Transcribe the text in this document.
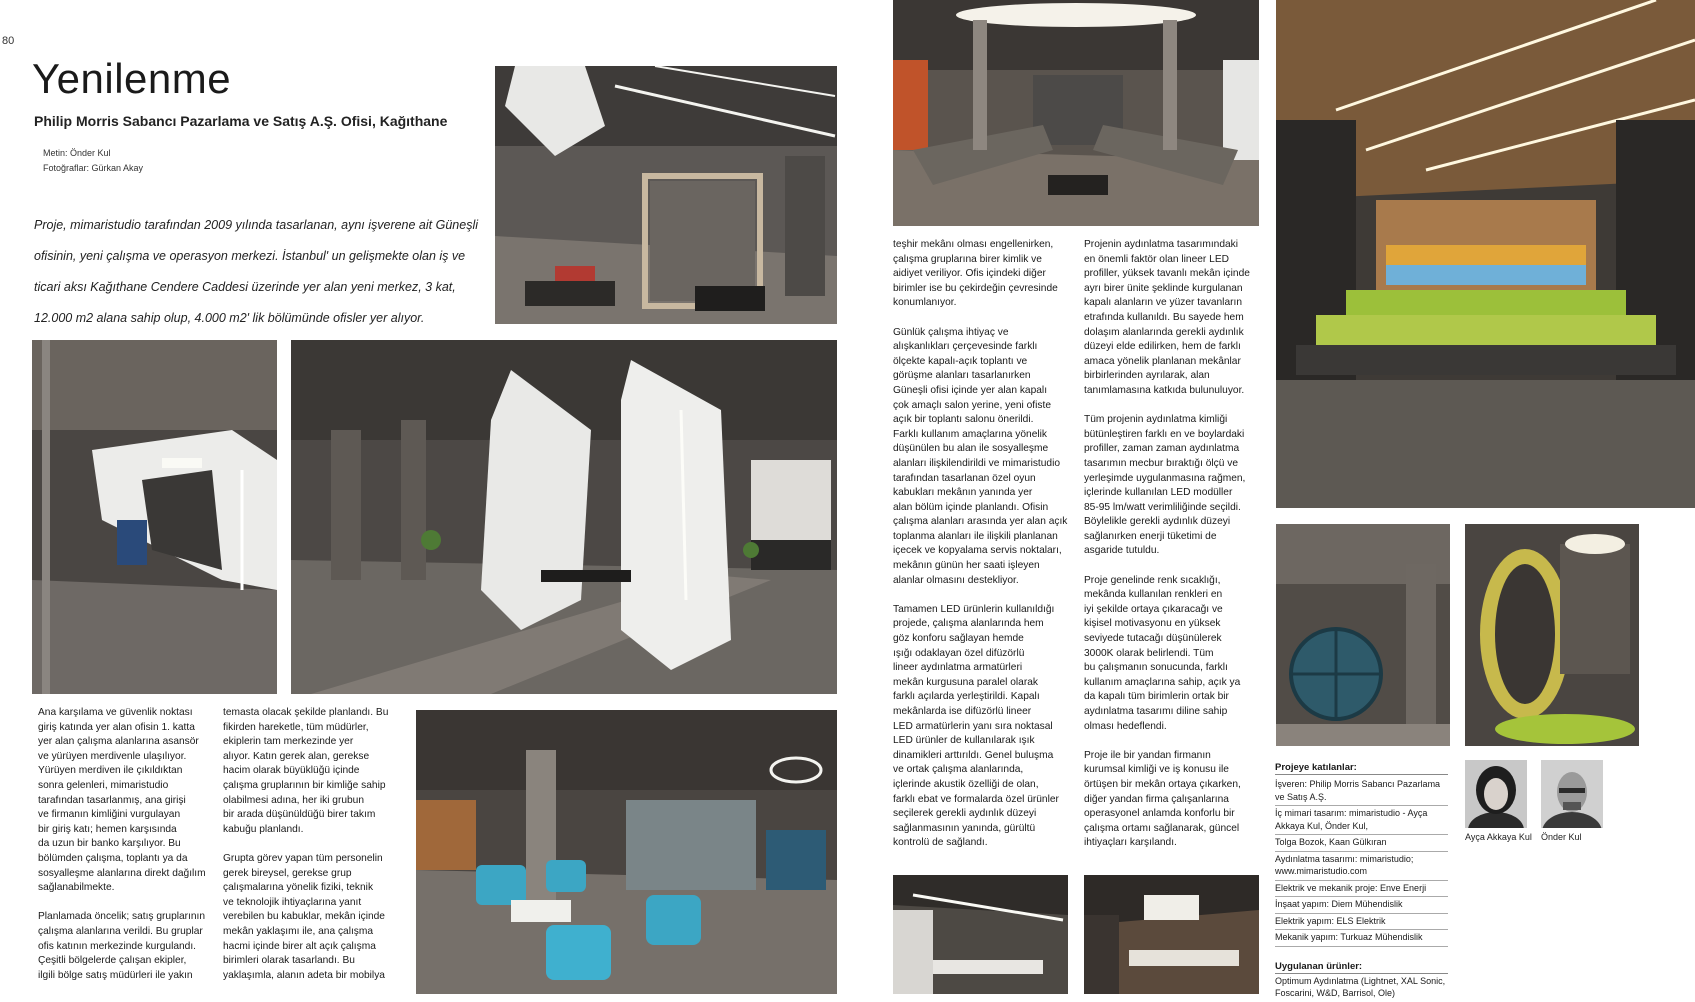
80
Yenilenme
Philip Morris Sabancı Pazarlama ve Satış A.Ş. Ofisi, Kağıthane
Metin: Önder Kul
Fotoğraflar: Gürkan Akay
Proje, mimaristudio tarafından 2009 yılında tasarlanan, aynı işverene ait Güneşli ofisinin, yeni çalışma ve operasyon merkezi. İstanbul' un gelişmekte olan iş ve ticari aksı Kağıthane Cendere Caddesi üzerinde yer alan yeni merkez, 3 kat, 12.000 m2 alana sahip olup, 4.000 m2' lik bölümünde ofisler yer alıyor.
Ana karşılama ve güvenlik noktası
giriş katında yer alan ofisin 1. katta
yer alan çalışma alanlarına asansör
ve yürüyen merdivenle ulaşılıyor.
Yürüyen merdiven ile çıkıldıktan
sonra gelenleri, mimaristudio
tarafından tasarlanmış, ana girişi
ve firmanın kimliğini vurgulayan
bir giriş katı; hemen karşısında
da uzun bir banko karşılıyor. Bu
bölümden çalışma, toplantı ya da
sosyalleşme alanlarına direkt dağılım
sağlanabilmekte.

Planlamada öncelik; satış gruplarının
çalışma alanlarına verildi. Bu gruplar
ofis katının merkezinde kurgulandı.
Çeşitli bölgelerde çalışan ekipler,
ilgili bölge satış müdürleri ile yakın
temasta olacak şekilde planlandı. Bu
fikirden hareketle, tüm müdürler,
ekiplerin tam merkezinde yer
alıyor. Katın gerek alan, gerekse
hacim olarak büyüklüğü içinde
çalışma gruplarının bir kimliğe sahip
olabilmesi adına, her iki grubun
bir arada düşünüldüğü birer takım
kabuğu planlandı.

Grupta görev yapan tüm personelin
gerek bireysel, gerekse grup
çalışmalarına yönelik fiziki, teknik
ve teknolojik ihtiyaçlarına yanıt
verebilen bu kabuklar, mekân içinde
mekân yaklaşımı ile, ana çalışma
hacmi içinde birer alt açık çalışma
birimleri olarak tasarlandı. Bu
yaklaşımla, alanın adeta bir mobilya
teşhir mekânı olması engellenirken,
çalışma gruplarına birer kimlik ve
aidiyet veriliyor. Ofis içindeki diğer
birimler ise bu çekirdeğin çevresinde
konumlanıyor.

Günlük çalışma ihtiyaç ve
alışkanlıkları çerçevesinde farklı
ölçekte kapalı-açık toplantı ve
görüşme alanları tasarlanırken
Güneşli ofisi içinde yer alan kapalı
çok amaçlı salon yerine, yeni ofiste
açık bir toplantı salonu önerildi.
Farklı kullanım amaçlarına yönelik
düşünülen bu alan ile sosyalleşme
alanları ilişkilendirildi ve mimaristudio
tarafından tasarlanan özel oyun
kabukları mekânın yanında yer
alan bölüm içinde planlandı. Ofisin
çalışma alanları arasında yer alan açık
toplanma alanları ile ilişkili planlanan
içecek ve kopyalama servis noktaları,
mekânın günün her saati işleyen
alanlar olmasını destekliyor.

Tamamen LED ürünlerin kullanıldığı
projede, çalışma alanlarında hem
göz konforu sağlayan hemde
ışığı odaklayan özel difüzörlü
lineer aydınlatma armatürleri
mekân kurgusuna paralel olarak
farklı açılarda yerleştirildi. Kapalı
mekânlarda ise difüzörlü lineer
LED armatürlerin yanı sıra noktasal
LED ürünler de kullanılarak ışık
dinamikleri arttırıldı. Genel buluşma
ve ortak çalışma alanlarında,
içlerinde akustik özelliği de olan,
farklı ebat ve formalarda özel ürünler
seçilerek gerekli aydınlık düzeyi
sağlanmasının yanında, gürültü
kontrolü de sağlandı.
Projenin aydınlatma tasarımındaki
en önemli faktör olan lineer LED
profiller, yüksek tavanlı mekân içinde
ayrı birer ünite şeklinde kurgulanan
kapalı alanların ve yüzer tavanların
etrafında kullanıldı. Bu sayede hem
dolaşım alanlarında gerekli aydınlık
düzeyi elde edilirken, hem de farklı
amaca yönelik planlanan mekânlar
birbirlerinden ayrılarak, alan
tanımlamasına katkıda bulunuluyor.

Tüm projenin aydınlatma kimliği
bütünleştiren farklı en ve boylardaki
profiller, zaman zaman aydınlatma
tasarımın mecbur bıraktığı ölçü ve
yerleşimde uygulanmasına rağmen,
içlerinde kullanılan LED modüller
85-95 lm/watt verimliliğinde seçildi.
Böylelikle gerekli aydınlık düzeyi
sağlanırken enerji tüketimi de
asgaride tutuldu.

Proje genelinde renk sıcaklığı,
mekânda kullanılan renkleri en
iyi şekilde ortaya çıkaracağı ve
kişisel motivasyonu en yüksek
seviyede tutacağı düşünülerek
3000K olarak belirlendi. Tüm
bu çalışmanın sonucunda, farklı
kullanım amaçlarına sahip, açık ya
da kapalı tüm birimlerin ortak bir
aydınlatma tasarımı diline sahip
olması hedeflendi.

Proje ile bir yandan firmanın
kurumsal kimliği ve iş konusu ile
örtüşen bir mekân ortaya çıkarken,
diğer yandan firma çalışanlarına
operasyonel anlamda konforlu bir
çalışma ortamı sağlanarak, güncel
ihtiyaçları karşılandı.
Projeye katılanlar:
İşveren: Philip Morris Sabancı Pazarlama ve Satış A.Ş.
İç mimari tasarım: mimaristudio - Ayça Akkaya Kul, Önder Kul,
Tolga Bozok, Kaan Gülkıran
Aydınlatma tasarımı: mimaristudio; www.mimaristudio.com
Elektrik ve mekanik proje: Enve Enerji
İnşaat yapım: Diem Mühendislik
Elektrik yapım: ELS Elektrik
Mekanik yapım: Turkuaz Mühendislik
Uygulanan ürünler:
Optimum Aydınlatma (Lightnet, XAL Sonic, Foscarini, W&D, Barrisol, Ole)
Ayça Akkaya Kul Önder Kul
